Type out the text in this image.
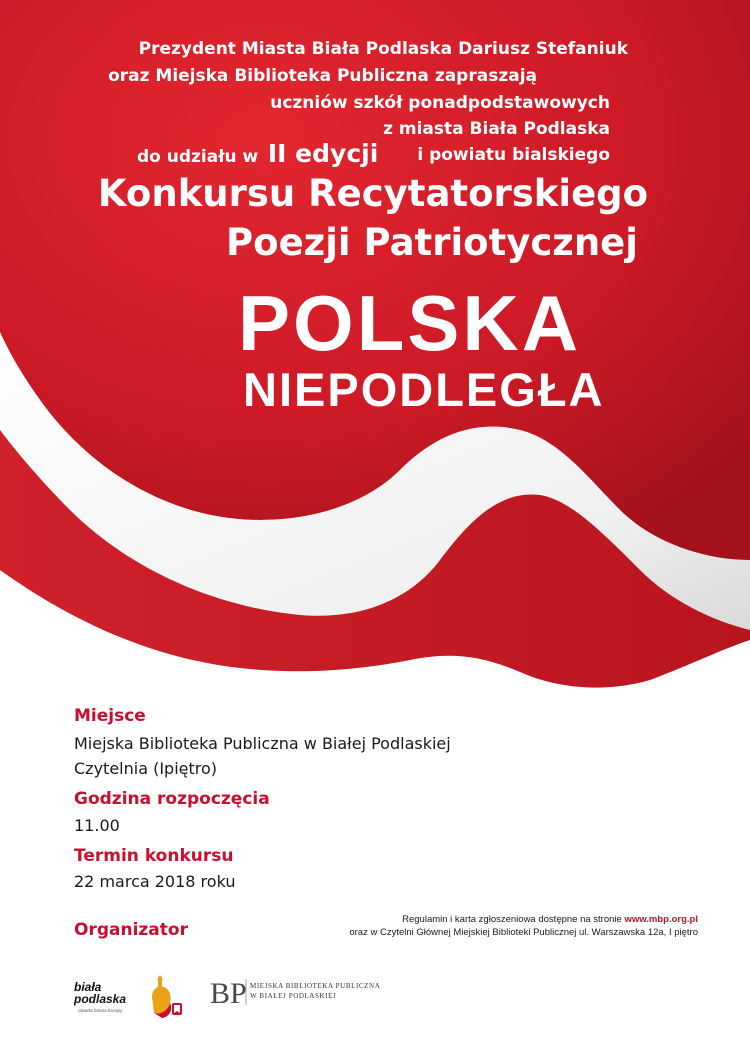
Prezydent Miasta Biała Podlaska Dariusz Stefaniuk
oraz Miejska Biblioteka Publiczna zapraszają
uczniów szkół ponadpodstawowych
z miasta Biała Podlaska
i powiatu bialskiego
do udziału w II edycji
Konkursu Recytatorskiego
Poezji Patriotycznej
POLSKA
NIEPODLEGŁA
Miejsce
Miejska Biblioteka Publiczna w Białej Podlaskiej
Czytelnia (Ipiętro)
Godzina rozpoczęcia
11.00
Termin konkursu
22 marca 2018 roku
Organizator
Regulamin i karta zgłoszeniowa dostępne na stronie www.mbp.org.pl
oraz w Czytelni Głównej Miejskiej Biblioteki Publicznej ul. Warszawska 12a, I piętro
biała
podlaska
otwarta brama Europy
BP MIEJSKA BIBLIOTEKA PUBLICZNA
W BIAŁEJ PODLASKIEJ
